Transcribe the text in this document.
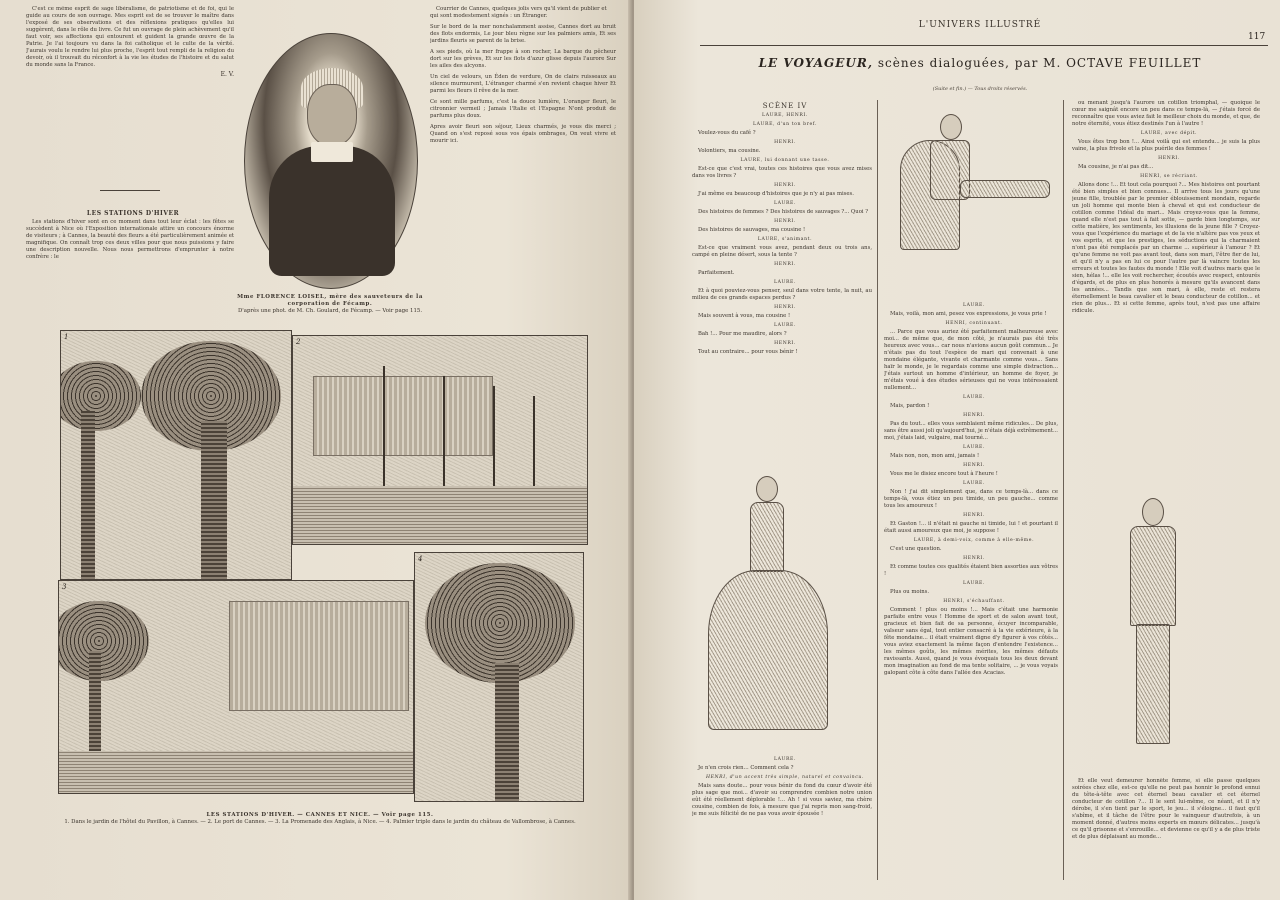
C'est ce même esprit de sage libéralisme, de patriotisme et de foi, qui le guide au cours de son ouvrage. Mes esprit est de se trouver le maître dans l'exposé de ses observations et des réflexions pratiques qu'elles lui suggèrent, dans le rôle du livre. Ce fut un ouvrage de plein achèvement qu'il faut voir, ses affections qui entourent et guident la grande œuvre de la Patrie. Je l'ai toujours vu dans la foi catholique et le culte de la vérité. J'aurais voulu le rendre lui plus proche, l'esprit tout rempli de la religion du devoir, où il trouvait du réconfort à la vie les études de l'histoire et du salut du monde sans la France.

E. V.

LES STATIONS D'HIVER

Les stations d'hiver sont en ce moment dans tout leur éclat : les fêtes se succèdent à Nice où l'Exposition internationale attire un concours énorme de visiteurs ; à Cannes, la beauté des fleurs a été particulièrement animée et magnifique. On connaît trop ces deux villes pour que nous puissions y faire une description nouvelle. Nous nous permettrons d'emprunter à notre confrère : le

Mme FLORENCE LOISEL, mère des sauveteurs de la corporation de Fécamp.
D'après une phot. de M. Ch. Goulard, de Fécamp. — Voir page 115.

Courrier de Cannes, quelques jolis vers qu'il vient de publier et qui sont modestement signés : un Étranger.

Sur le bord de la mer nonchalamment assise, Cannes dort au bruit des flots endormis, Le jour bleu règne sur les palmiers amis, Et ses jardins fleuris se parent de la brise.
A ses pieds, où la mer frappe à son rocher, La barque du pêcheur dort sur les grèves, Et sur les flots d'azur glisse depuis l'aurore Sur les ailes des alcyons.
Un ciel de velours, un Éden de verdure, On de clairs ruisseaux au silence murmurent, L'étranger charmé s'en revient chaque hiver Et parmi les fleurs il rêve de la mer.
Ce sont mille parfums, c'est la douce lumière, L'oranger fleuri, le citronnier vermeil ; Jamais l'Italie et l'Espagne N'ont produit de parfums plus doux.
Apres avoir fleuri son séjour, Lieux charmés, je vous dis merci ; Quand on s'est reposé sous vos épais ombrages, On veut vivre et mourir ici.
1
2
3
4
LES STATIONS D'HIVER. — CANNES ET NICE. — Voir page 115.
1. Dans le jardin de l'hôtel du Pavillon, à Cannes. — 2. Le port de Cannes. — 3. La Promenade des Anglais, à Nice. — 4. Palmier triple dans le jardin du château de Vallombrose, à Cannes.
L'UNIVERS ILLUSTRÉ
117
LE VOYAGEUR, scènes dialoguées, par M. OCTAVE FEUILLET
(Suite et fin.) — Tous droits réservés.

SCÈNE IV

LAURE, HENRI.

LAURE, d'un ton bref.

Voulez-vous du café ?

HENRI.

Volontiers, ma cousine.

LAURE, lui donnant une tasse.

Est-ce que c'est vrai, toutes ces histoires que vous avez mises dans vos livres ?

HENRI.

J'ai même eu beaucoup d'histoires que je n'y ai pas mises.

LAURE.

Des histoires de femmes ? Des histoires de sauvages ?... Quoi ?

HENRI.

Des histoires de sauvages, ma cousine !

LAURE, s'animant.

Est-ce que vraiment vous avez, pendant deux ou trois ans, campé en pleine désert, sous la tente ?

HENRI.

Parfaitement.

LAURE.

Et à quoi pouviez-vous penser, seul dans votre tente, la nuit, au milieu de ces grands espaces perdus ?

HENRI.

Mais souvent à vous, ma cousine !

LAURE.

Bah !... Pour me maudire, alors ?

HENRI.

Tout au contraire... pour vous bénir !

LAURE.

Je n'en crois rien... Comment cela ?

HENRI, d'un accent très simple, naturel et convaincu.

Mais sans doute... pour vous bénir du fond du cœur d'avoir été plus sage que moi... d'avoir su comprendre combien notre union eût été réellement déplorable !... Ah ! si vous saviez, ma chère cousine, combien de fois, à mesure que j'ai repris mon sang-froid, je me suis félicité de ne pas vous avoir épousée !

LAURE.

Mais, voilà, mon ami, pesez vos expressions, je vous prie !

HENRI, continuant.

... Parce que vous auriez été parfaitement malheureuse avec moi... de même que, de mon côté, je n'aurais pas été très heureux avec vous... car nous n'avions aucun goût commun... Je n'étais pas du tout l'espèce de mari qui convenait à une mondaine élégante, vivante et charmante comme vous... Sans haïr le monde, je le regardais comme une simple distraction... J'étais surtout un homme d'intérieur, un homme de foyer, je m'étais voué à des études sérieuses qui ne vous intéressaient nullement...

LAURE.

Mais, pardon !

HENRI.

Pas du tout... elles vous semblaient même ridicules... De plus, sans être aussi joli qu'aujourd'hui, je n'étais déjà extrêmement... moi, j'étais laid, vulgaire, mal tourné...

LAURE.

Mais non, non, mon ami, jamais !

HENRI.

Vous me le disiez encore tout à l'heure !

LAURE.

Non ! j'ai dit simplement que, dans ce temps-là... dans ce temps-là, vous étiez un peu timide, un peu gauche... comme tous les amoureux !

HENRI.

Et Gaston !... il n'était ni gauche ni timide, lui ! et pourtant il était aussi amoureux que moi, je suppose !

LAURE, à demi-voix, comme à elle-même.

C'est une question.

HENRI.

Et comme toutes ces qualités étaient bien assorties aux vôtres !

LAURE.

Plus ou moins.

HENRI, s'échauffant.

Comment ! plus ou moins !... Mais c'était une harmonie parfaite entre vous ! Homme de sport et de salon avant tout, gracieux et bien fait de sa personne, écuyer incomparable, valseur sans égal, tout entier consacré à la vie extérieure, à la fête mondaine... il était vraiment digne d'y figurer à vos côtés... vous aviez exactement la même façon d'entendre l'existence... les mêmes goûts, les mêmes mérites, les mêmes défauts ravissants. Aussi, quand je vous évoquais tous les deux devant mon imagination au fond de ma tente solitaire, ... je vous voyais galopant côte à côte dans l'allée des Acacias.

ou menant jusqu'à l'aurore un cotillon triomphal, — quoique le cœur me saignât encore un peu dans ce temps-là, — j'étais forcé de reconnaître que vous aviez fait le meilleur choix du monde, et que, de notre éternité, vous étiez destinés l'un à l'autre !

LAURE, avec dépit.

Vous êtes trop bon !... Ainsi voilà qui est entendu... je suis la plus vaine, la plus frivole et la plus puérile des femmes !

HENRI.

Ma cousine, je n'ai pas dit...

HENRI, se récriant.

Allons donc !... Et tout cela pourquoi ?... Mes histoires ont pourtant été bien simples et bien connues... Il arrive tous les jours qu'une jeune fille, troublée par le premier éblouissement mondain, regarde un joli homme qui monte bien à cheval et qui est conducteur de cotillon comme l'idéal du mari... Mais croyez-vous que la femme, quand elle n'est pas tout à fait sotte, — garde bien longtemps, sur cette matière, les sentiments, les illusions de la jeune fille ? Croyez-vous que l'expérience du mariage et de la vie n'altère pas vos yeux et vos esprits, et que les prestiges, les séductions qui la charmaient n'ont pas été remplacés par un charme ... supérieur à l'amour ? Et qu'une femme ne voit pas avant tout, dans son mari, l'être fier de lui, et qu'il n'y a pas en lui ce pour l'autre par là vaincre toutes les erreurs et toutes les fautes du monde ! Elle voit d'autres maris que le sien, hélas !... elle les voit rechercher, écoutés avec respect, entourés d'égards, et de plus en plus honorés à mesure qu'ils avancent dans les années... Tandis que son mari, à elle, reste et restera éternellement le beau cavalier et le beau conducteur de cotillon... et rien de plus... Et si cette femme, après tout, n'est pas une affaire ridicule.

Et elle veut demeurer honnête femme, si elle passe quelques soirées chez elle, est-ce qu'elle ne peut pas honnir le profond ennui du tête-à-tête avec cet éternel beau cavalier et cet éternel conducteur de cotillon ?... Il le sent lui-même, ce néant, et il n'y dérobe, il s'en tient par le sport, le jeu... il s'éloigne... il faut qu'il s'abîme, et il tâche de l'être pour le vainqueur d'autrefois, à un moment donné, d'autres moins experts en mœurs délicates... jusqu'à ce qu'il grisonne et s'enrouille... et devienne ce qu'il y a de plus triste et de plus déplaisant au monde...
